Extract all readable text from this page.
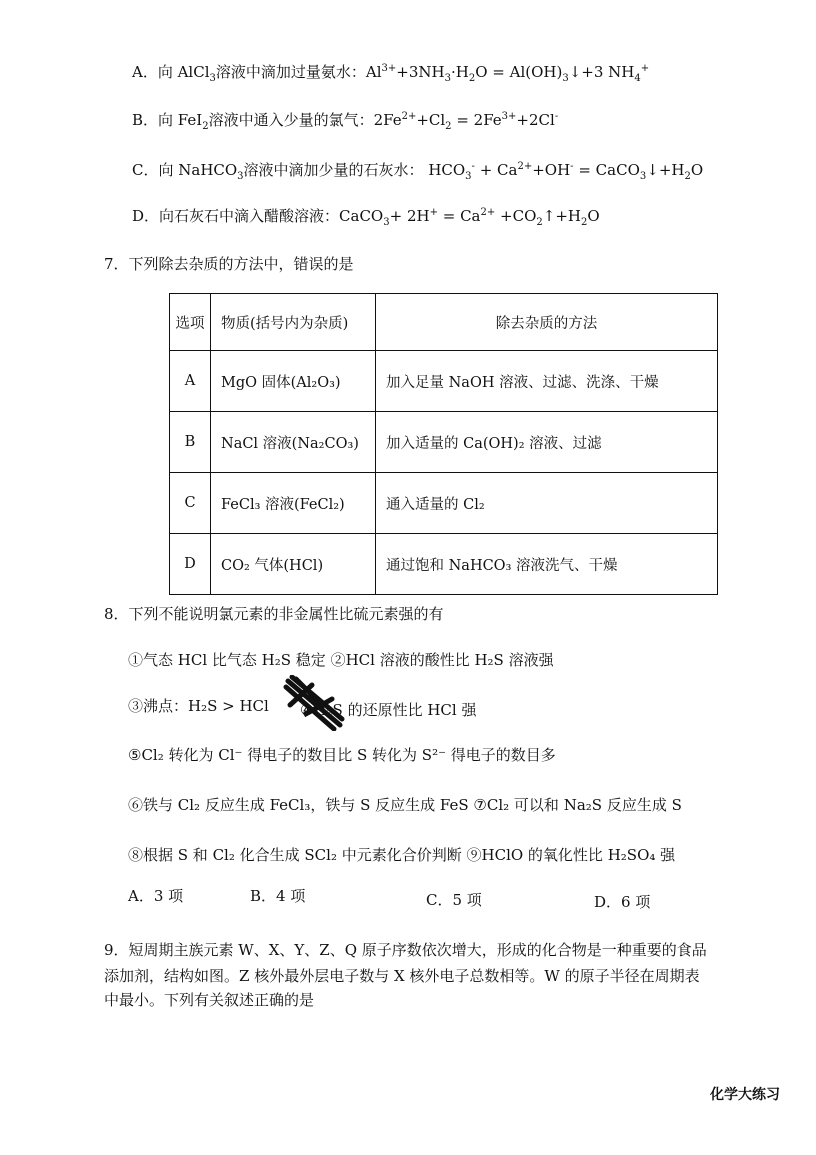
A．向 AlCl$_3$溶液中滴加过量氨水：$Al^{3+}+3NH_3\cdot H_2O$ = $Al(OH)_3↓+3$ $NH_4^+$
B．向 FeI$_2$溶液中通入少量的氯气：$2Fe^{2+}+Cl_2 = 2Fe^{3+}+2Cl^-$
C．向 NaHCO$_3$溶液中滴加少量的石灰水： $HCO_3^- + Ca^{2+}+OH^-$ = $CaCO_3↓+H_2O$
D．向石灰石中滴入醋酸溶液：CaCO$_3$+ $2H^+ = Ca^{2+}$ $+CO_2↑+H_2O$
7．下列除去杂质的方法中，错误的是
选项	物质(括号内为杂质)	除去杂质的方法
A	MgO 固体(Al₂O₃)	加入足量 NaOH 溶液、过滤、洗涤、干燥
B	NaCl 溶液(Na₂CO₃)	加入适量的 Ca(OH)₂ 溶液、过滤
C	FeCl₃ 溶液(FeCl₂)	通入适量的 Cl₂
D	CO₂ 气体(HCl)	通过饱和 NaHCO₃ 溶液洗气、干燥
8．下列不能说明氯元素的非金属性比硫元素强的有
①气态 HCl 比气态 H₂S 稳定 ②HCl 溶液的酸性比 H₂S 溶液强
③沸点：H₂S > HCl ④H₂S 的还原性比 HCl 强
⑤Cl₂ 转化为 Cl⁻ 得电子的数目比 S 转化为 S²⁻ 得电子的数目多
⑥铁与 Cl₂ 反应生成 FeCl₃，铁与 S 反应生成 FeS ⑦Cl₂ 可以和 Na₂S 反应生成 S
⑧根据 S 和 Cl₂ 化合生成 SCl₂ 中元素化合价判断 ⑨HClO 的氧化性比 H₂SO₄ 强
A．3 项	B．4 项	C．5 项	D．6 项
9．短周期主族元素 W、X、Y、Z、Q 原子序数依次增大，形成的化合物是一种重要的食品
添加剂，结构如图。Z 核外最外层电子数与 X 核外电子总数相等。W 的原子半径在周期表
中最小。下列有关叙述正确的是
化学大练习
